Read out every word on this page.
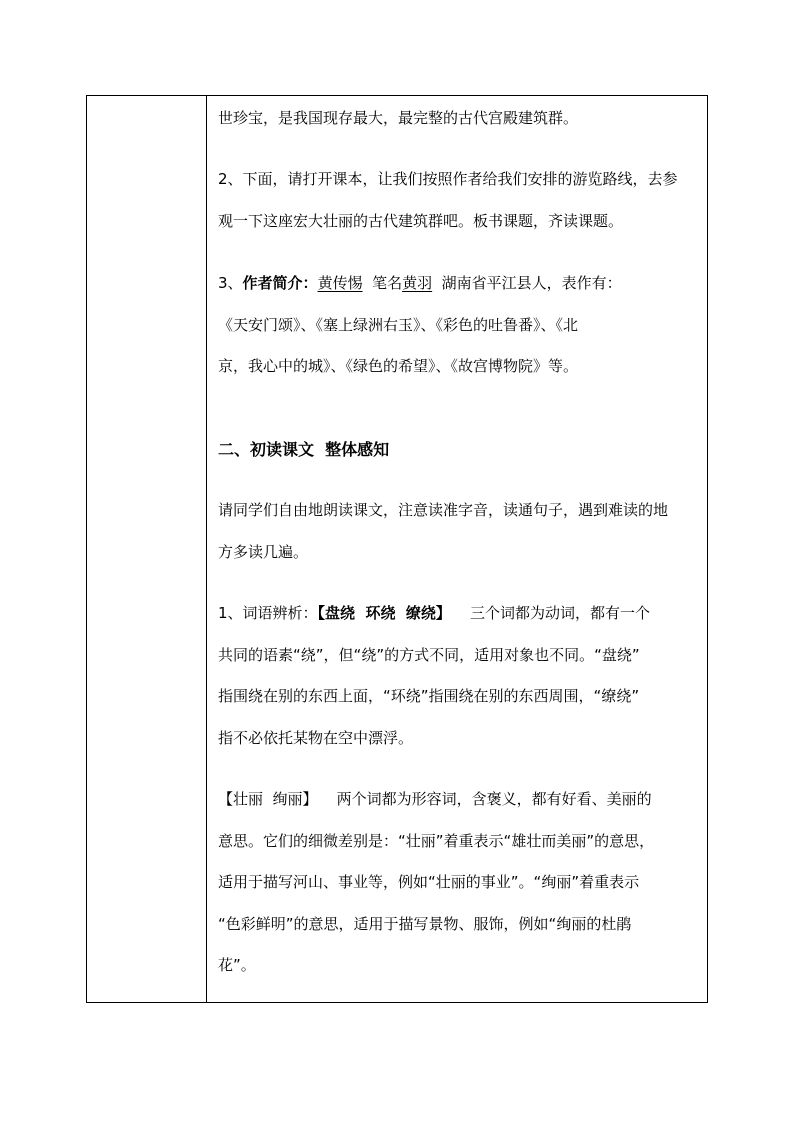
世珍宝，是我国现存最大，最完整的古代宫殿建筑群。
2、下面，请打开课本，让我们按照作者给我们安排的游览路线，去参
观一下这座宏大壮丽的古代建筑群吧。板书课题，齐读课题。
3、作者简介：黄传惕  笔名黄羽  湖南省平江县人，表作有：
《天安门颂》、《塞上绿洲右玉》、《彩色的吐鲁番》、《北
京，我心中的城》、《绿色的希望》、《故宫博物院》等。
二、初读课文  整体感知
请同学们自由地朗读课文，注意读准字音，读通句子，遇到难读的地
方多读几遍。
1、词语辨析：【盘绕  环绕  缭绕】    三个词都为动词，都有一个
共同的语素“绕”，但“绕”的方式不同，适用对象也不同。“盘绕”
指围绕在别的东西上面，“环绕”指围绕在别的东西周围，“缭绕”
指不必依托某物在空中漂浮。
【壮丽  绚丽】    两个词都为形容词，含褒义，都有好看、美丽的
意思。它们的细微差别是：“壮丽”着重表示“雄壮而美丽”的意思，
适用于描写河山、事业等，例如“壮丽的事业”。“绚丽”着重表示
“色彩鲜明”的意思，适用于描写景物、服饰，例如“绚丽的杜鹃
花”。
